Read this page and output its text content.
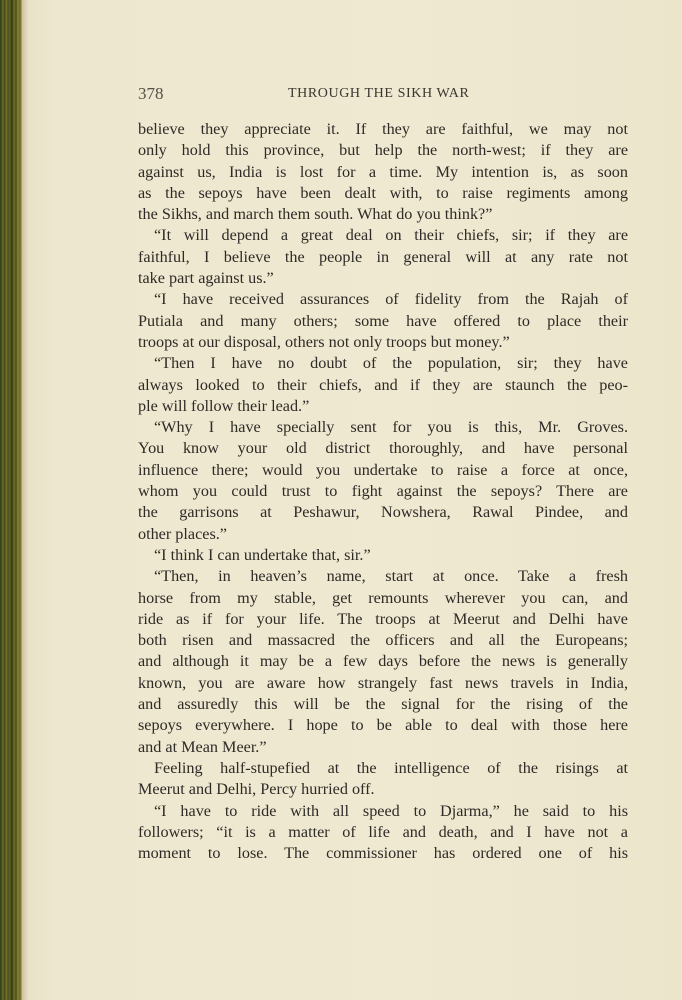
378	THROUGH THE SIKH WAR
believe they appreciate it. If they are faithful, we may not
only hold this province, but help the north-west; if they are
against us, India is lost for a time. My intention is, as soon
as the sepoys have been dealt with, to raise regiments among
the Sikhs, and march them south. What do you think?”
“It will depend a great deal on their chiefs, sir; if they are
faithful, I believe the people in general will at any rate not
take part against us.”
“I have received assurances of fidelity from the Rajah of
Putiala and many others; some have offered to place their
troops at our disposal, others not only troops but money.”
“Then I have no doubt of the population, sir; they have
always looked to their chiefs, and if they are staunch the peo-
ple will follow their lead.”
“Why I have specially sent for you is this, Mr. Groves.
You know your old district thoroughly, and have personal
influence there; would you undertake to raise a force at once,
whom you could trust to fight against the sepoys? There are
the garrisons at Peshawur, Nowshera, Rawal Pindee, and
other places.”
“I think I can undertake that, sir.”
“Then, in heaven’s name, start at once. Take a fresh
horse from my stable, get remounts wherever you can, and
ride as if for your life. The troops at Meerut and Delhi have
both risen and massacred the officers and all the Europeans;
and although it may be a few days before the news is generally
known, you are aware how strangely fast news travels in India,
and assuredly this will be the signal for the rising of the
sepoys everywhere. I hope to be able to deal with those here
and at Mean Meer.”
Feeling half-stupefied at the intelligence of the risings at
Meerut and Delhi, Percy hurried off.
“I have to ride with all speed to Djarma,” he said to his
followers; “it is a matter of life and death, and I have not a
moment to lose. The commissioner has ordered one of his
